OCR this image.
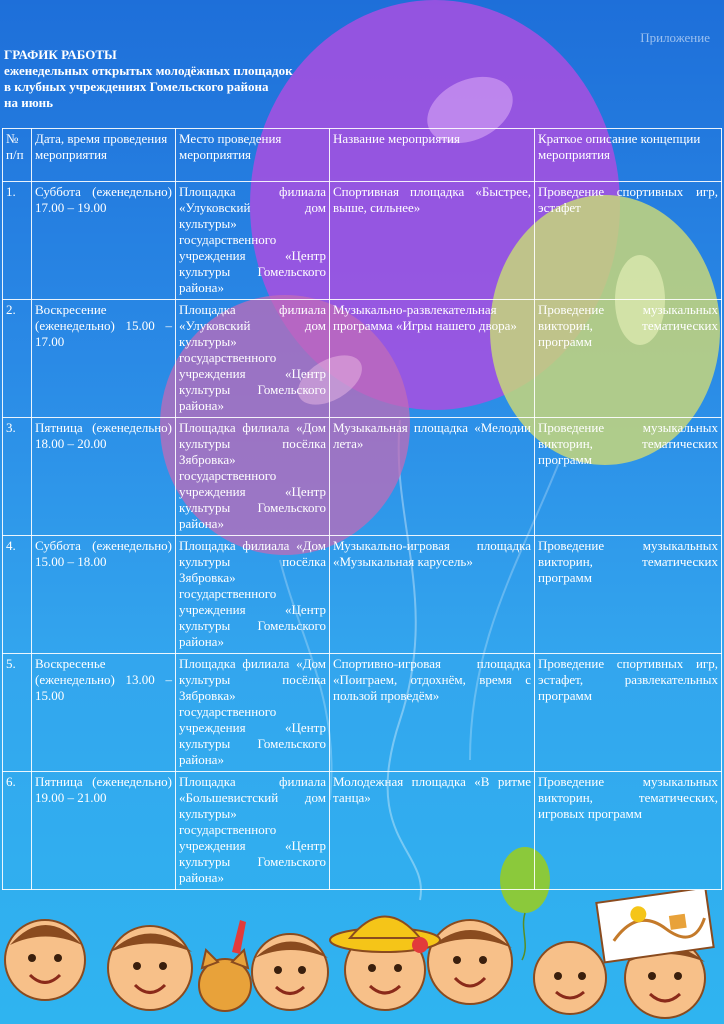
Приложение
ГРАФИК РАБОТЫ
еженедельных открытых молодёжных площадок
в клубных учреждениях Гомельского района
на июнь
№ п/п	Дата, время проведения мероприятия	Место проведения мероприятия	Название мероприятия	Краткое описание концепции мероприятия
1.	Суббота (еженедельно) 17.00 – 19.00	Площадка филиала «Улуковский дом культуры» государственного учреждения «Центр культуры Гомельского района»	Спортивная площадка «Быстрее, выше, сильнее»	Проведение спортивных игр, эстафет
2.	Воскресение (еженедельно) 15.00 – 17.00	Площадка филиала «Улуковский дом культуры» государственного учреждения «Центр культуры Гомельского района»	Музыкально-развлекательная программа «Игры нашего двора»	Проведение музыкальных викторин, тематических программ
3.	Пятница (еженедельно) 18.00 – 20.00	Площадка филиала «Дом культуры посёлка Зябровка» государственного учреждения «Центр культуры Гомельского района»	Музыкальная площадка «Мелодии лета»	Проведение музыкальных викторин, тематических программ
4.	Суббота (еженедельно) 15.00 – 18.00	Площадка филиала «Дом культуры посёлка Зябровка» государственного учреждения «Центр культуры Гомельского района»	Музыкально-игровая площадка «Музыкальная карусель»	Проведение музыкальных викторин, тематических программ
5.	Воскресенье (еженедельно) 13.00 – 15.00	Площадка филиала «Дом культуры посёлка Зябровка» государственного учреждения «Центр культуры Гомельского района»	Спортивно-игровая площадка «Поиграем, отдохнём, время с пользой проведём»	Проведение спортивных игр, эстафет, развлекательных программ
6.	Пятница (еженедельно) 19.00 – 21.00	Площадка филиала «Большевистский дом культуры» государственного учреждения «Центр культуры Гомельского района»	Молодежная площадка «В ритме танца»	Проведение музыкальных викторин, тематических, игровых программ
